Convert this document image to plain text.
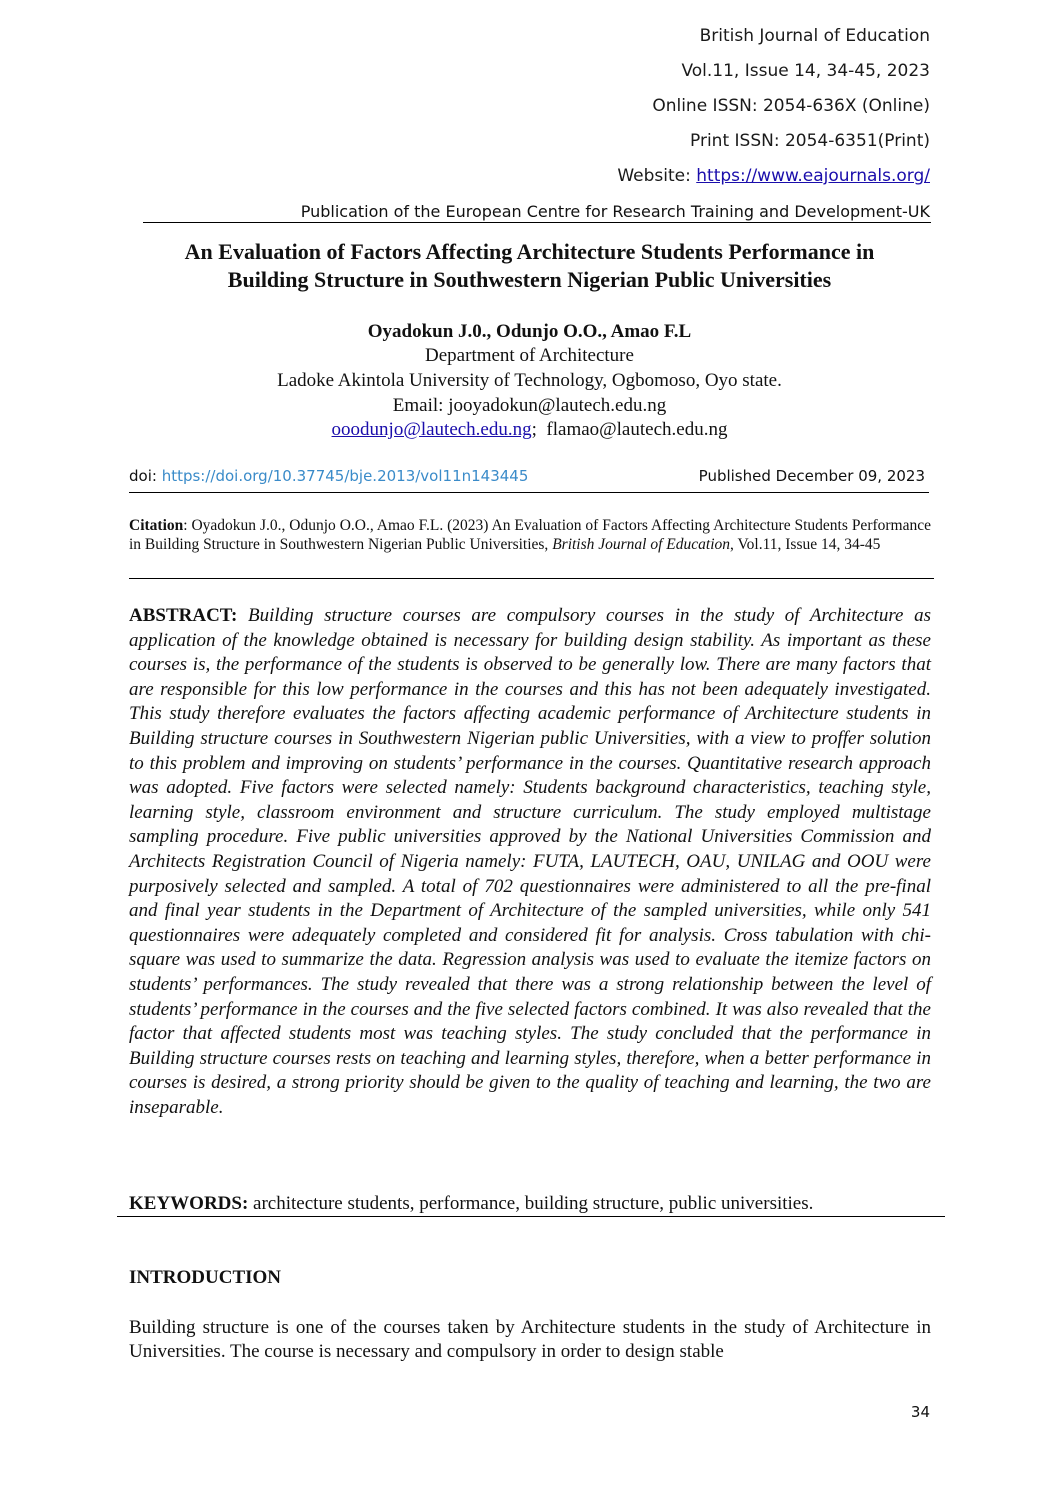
British Journal of Education
Vol.11, Issue 14, 34-45, 2023
Online ISSN: 2054-636X (Online)
Print ISSN: 2054-6351(Print)
Website: https://www.eajournals.org/
Publication of the European Centre for Research Training and Development-UK
An Evaluation of Factors Affecting Architecture Students Performance in
Building Structure in Southwestern Nigerian Public Universities
Oyadokun J.0., Odunjo O.O., Amao F.L
Department of Architecture
Ladoke Akintola University of Technology, Ogbomoso, Oyo state.
Email: jooyadokun@lautech.edu.ng
ooodunjo@lautech.edu.ng;  flamao@lautech.edu.ng
doi: https://doi.org/10.37745/bje.2013/vol11n143445	Published December 09, 2023
Citation: Oyadokun J.0., Odunjo O.O., Amao F.L. (2023) An Evaluation of Factors Affecting Architecture Students Performance in Building Structure in Southwestern Nigerian Public Universities, British Journal of Education, Vol.11, Issue 14, 34-45
ABSTRACT: Building structure courses are compulsory courses in the study of Architecture as application of the knowledge obtained is necessary for building design stability. As important as these courses is, the performance of the students is observed to be generally low. There are many factors that are responsible for this low performance in the courses and this has not been adequately investigated. This study therefore evaluates the factors affecting academic performance of Architecture students in Building structure courses in Southwestern Nigerian public Universities, with a view to proffer solution to this problem and improving on students’ performance in the courses. Quantitative research approach was adopted. Five factors were selected namely: Students background characteristics, teaching style, learning style, classroom environment and structure curriculum. The study employed multistage sampling procedure. Five public universities approved by the National Universities Commission and Architects Registration Council of Nigeria namely: FUTA, LAUTECH, OAU, UNILAG and OOU were purposively selected and sampled. A total of 702 questionnaires were administered to all the pre-final and final year students in the Department of Architecture of the sampled universities, while only 541 questionnaires were adequately completed and considered fit for analysis. Cross tabulation with chi-square was used to summarize the data. Regression analysis was used to evaluate the itemize factors on students’ performances. The study revealed that there was a strong relationship between the level of students’ performance in the courses and the five selected factors combined. It was also revealed that the factor that affected students most was teaching styles. The study concluded that the performance in Building structure courses rests on teaching and learning styles, therefore, when a better performance in courses is desired, a strong priority should be given to the quality of teaching and learning, the two are inseparable.
KEYWORDS: architecture students, performance, building structure, public universities.
INTRODUCTION
Building structure is one of the courses taken by Architecture students in the study of Architecture in Universities. The course is necessary and compulsory in order to design stable
34
